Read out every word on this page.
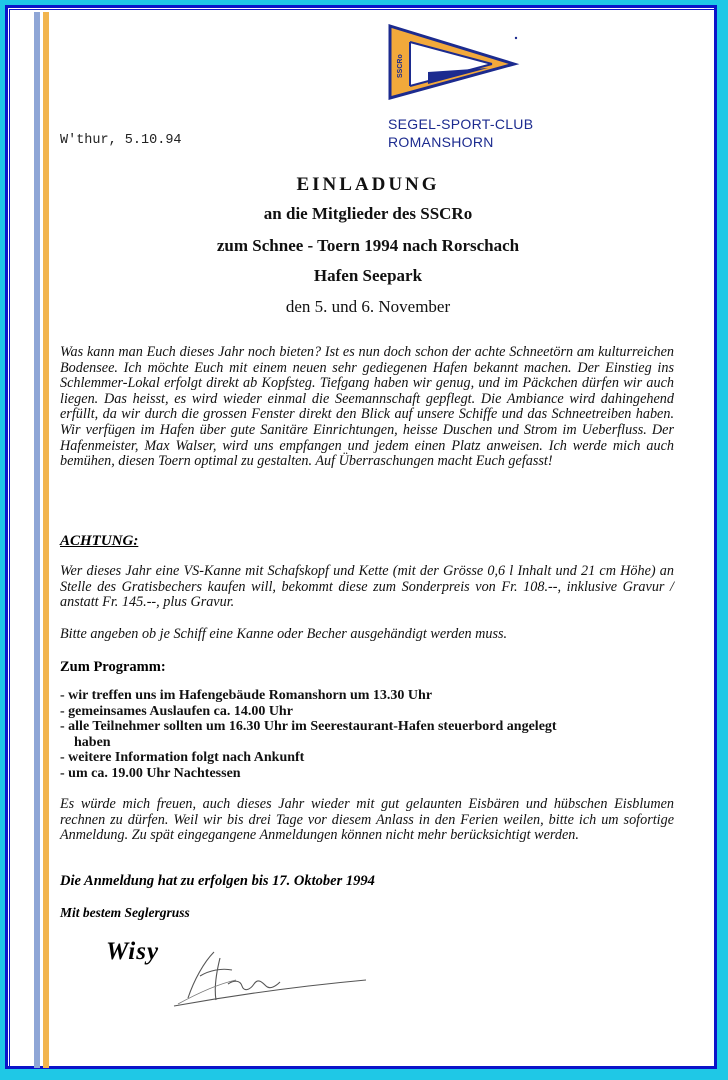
SSCRo
SEGEL-SPORT-CLUB
ROMANSHORN
W'thur, 5.10.94
EINLADUNG
an die Mitglieder des SSCRo
zum Schnee - Toern 1994 nach Rorschach
Hafen Seepark
den 5. und 6. November
Was kann man Euch dieses Jahr noch bieten? Ist es nun doch schon der achte Schneetörn am kulturreichen Bodensee. Ich möchte Euch mit einem neuen sehr gediegenen Hafen bekannt machen. Der Einstieg ins Schlemmer-Lokal erfolgt direkt ab Kopfsteg. Tiefgang haben wir genug, und im Päckchen dürfen wir auch liegen. Das heisst, es wird wieder einmal die Seemannschaft gepflegt. Die Ambiance wird dahingehend erfüllt, da wir durch die grossen Fenster direkt den Blick auf unsere Schiffe und das Schneetreiben haben. Wir verfügen im Hafen über gute Sanitäre Einrichtungen, heisse Duschen und Strom im Ueberfluss. Der Hafenmeister, Max Walser, wird uns empfangen und jedem einen Platz anweisen. Ich werde mich auch bemühen, diesen Toern optimal zu gestalten. Auf Überraschungen macht Euch gefasst!
ACHTUNG:
Wer dieses Jahr eine VS-Kanne mit Schafskopf und Kette (mit der Grösse 0,6 l Inhalt und 21 cm Höhe) an Stelle des Gratisbechers kaufen will, bekommt diese zum Sonderpreis von Fr. 108.--, inklusive Gravur / anstatt Fr. 145.--, plus Gravur.
Bitte angeben ob je Schiff eine Kanne oder Becher ausgehändigt werden muss.
Zum Programm:
- wir treffen uns im Hafengebäude Romanshorn um 13.30 Uhr
- gemeinsames Auslaufen ca. 14.00 Uhr
- alle Teilnehmer sollten um 16.30 Uhr im Seerestaurant-Hafen steuerbord angelegt
haben
- weitere Information folgt nach Ankunft
- um ca. 19.00 Uhr Nachtessen
Es würde mich freuen, auch dieses Jahr wieder mit gut gelaunten Eisbären und hübschen Eisblumen rechnen zu dürfen. Weil wir bis drei Tage vor diesem Anlass in den Ferien weilen, bitte ich um sofortige Anmeldung. Zu spät eingegangene Anmeldungen können nicht mehr berücksichtigt werden.
Die Anmeldung hat zu erfolgen bis 17. Oktober 1994
Mit bestem Seglergruss
Wisy
